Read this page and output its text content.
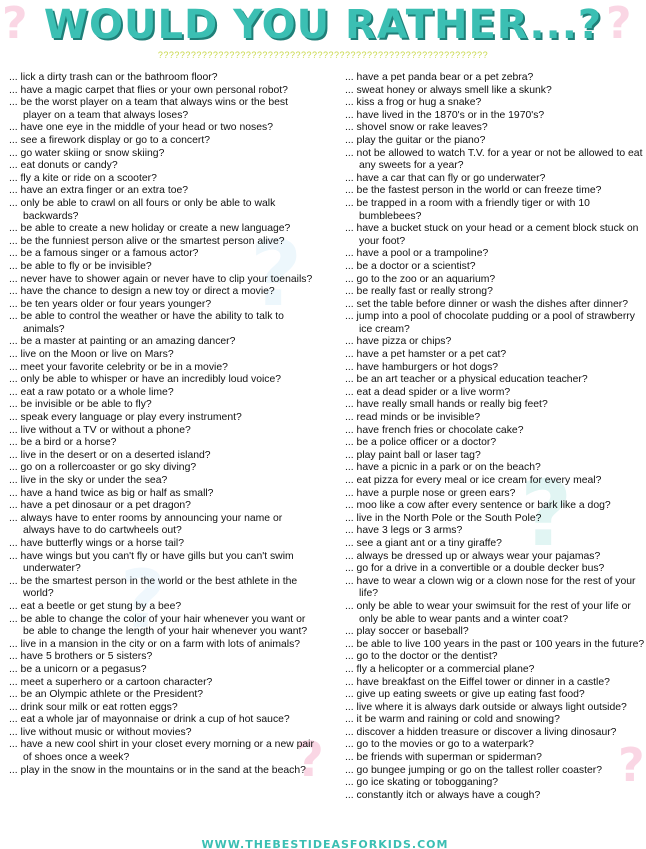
?	?
?	?
?
?
?
WOULD YOU RATHER...?
????????????????????????????????????????????????????????????

... lick a dirty trash can or the bathroom floor?

... have a magic carpet that flies or your own personal robot?

... be the worst player on a team that always wins or the best player on a team that always loses?

... have one eye in the middle of your head or two noses?

... see a firework display or go to a concert?

... go water skiing or snow skiing?

... eat donuts or candy?

... fly a kite or ride on a scooter?

... have an extra finger or an extra toe?

... only be able to crawl on all fours or only be able to walk backwards?

... be able to create a new holiday or create a new language?

... be the funniest person alive or the smartest person alive?

... be a famous singer or a famous actor?

... be able to fly or be invisible?

... never have to shower again or never have to clip your toenails?

... have the chance to design a new toy or direct a movie?

... be ten years older or four years younger?

... be able to control the weather or have the ability to talk to animals?

... be a master at painting or an amazing dancer?

... live on the Moon or live on Mars?

... meet your favorite celebrity or be in a movie?

... only be able to whisper or have an incredibly loud voice?

... eat a raw potato or a whole lime?

... be invisible or be able to fly?

... speak every language or play every instrument?

... live without a TV or without a phone?

... be a bird or a horse?

... live in the desert or on a deserted island?

... go on a rollercoaster or go sky diving?

... live in the sky or under the sea?

... have a hand twice as big or half as small?

... have a pet dinosaur or a pet dragon?

... always have to enter rooms by announcing your name or always have to do cartwheels out?

... have butterfly wings or a horse tail?

... have wings but you can't fly or have gills but you can't swim underwater?

... be the smartest person in the world or the best athlete in the world?

... eat a beetle or get stung by a bee?

... be able to change the color of your hair whenever you want or be able to change the length of your hair whenever you want?

... live in a mansion in the city or on a farm with lots of animals?

... have 5 brothers or 5 sisters?

... be a unicorn or a pegasus?

... meet a superhero or a cartoon character?

... be an Olympic athlete or the President?

... drink sour milk or eat rotten eggs?

... eat a whole jar of mayonnaise or drink a cup of hot sauce?

... live without music or without movies?

... have a new cool shirt in your closet every morning or a new pair of shoes once a week?

... play in the snow in the mountains or in the sand at the beach?

... have a pet panda bear or a pet zebra?

... sweat honey or always smell like a skunk?

... kiss a frog or hug a snake?

... have lived in the 1870's or in the 1970's?

... shovel snow or rake leaves?

... play the guitar or the piano?

... not be allowed to watch T.V. for a year or not be allowed to eat any sweets for a year?

... have a car that can fly or go underwater?

... be the fastest person in the world or can freeze time?

... be trapped in a room with a friendly tiger or with 10 bumblebees?

... have a bucket stuck on your head or a cement block stuck on your foot?

... have a pool or a trampoline?

... be a doctor or a scientist?

... go to the zoo or an aquarium?

... be really fast or really strong?

... set the table before dinner or wash the dishes after dinner?

... jump into a pool of chocolate pudding or a pool of strawberry ice cream?

... have pizza or chips?

... have a pet hamster or a pet cat?

... have hamburgers or hot dogs?

... be an art teacher or a physical education teacher?

... eat a dead spider or a live worm?

... have really small hands or really big feet?

... read minds or be invisible?

... have french fries or chocolate cake?

... be a police officer or a doctor?

... play paint ball or laser tag?

... have a picnic in a park or on the beach?

... eat pizza for every meal or ice cream for every meal?

... have a purple nose or green ears?

... moo like a cow after every sentence or bark like a dog?

... live in the North Pole or the South Pole?

... have 3 legs or 3 arms?

... see a giant ant or a tiny giraffe?

... always be dressed up or always wear your pajamas?

... go for a drive in a convertible or a double decker bus?

... have to wear a clown wig or a clown nose for the rest of your life?

... only be able to wear your swimsuit for the rest of your life or only be able to wear pants and a winter coat?

... play soccer or baseball?

... be able to live 100 years in the past or 100 years in the future?

... go to the doctor or the dentist?

... fly a helicopter or a commercial plane?

... have breakfast on the Eiffel tower or dinner in a castle?

... give up eating sweets or give up eating fast food?

... live where it is always dark outside or always light outside?

... it be warm and raining or cold and snowing?

... discover a hidden treasure or discover a living dinosaur?

... go to the movies or go to a waterpark?

... be friends with superman or spiderman?

... go bungee jumping or go on the tallest roller coaster?

... go ice skating or tobogganing?

... constantly itch or always have a cough?

WWW.THEBESTIDEASFORKIDS.COM
